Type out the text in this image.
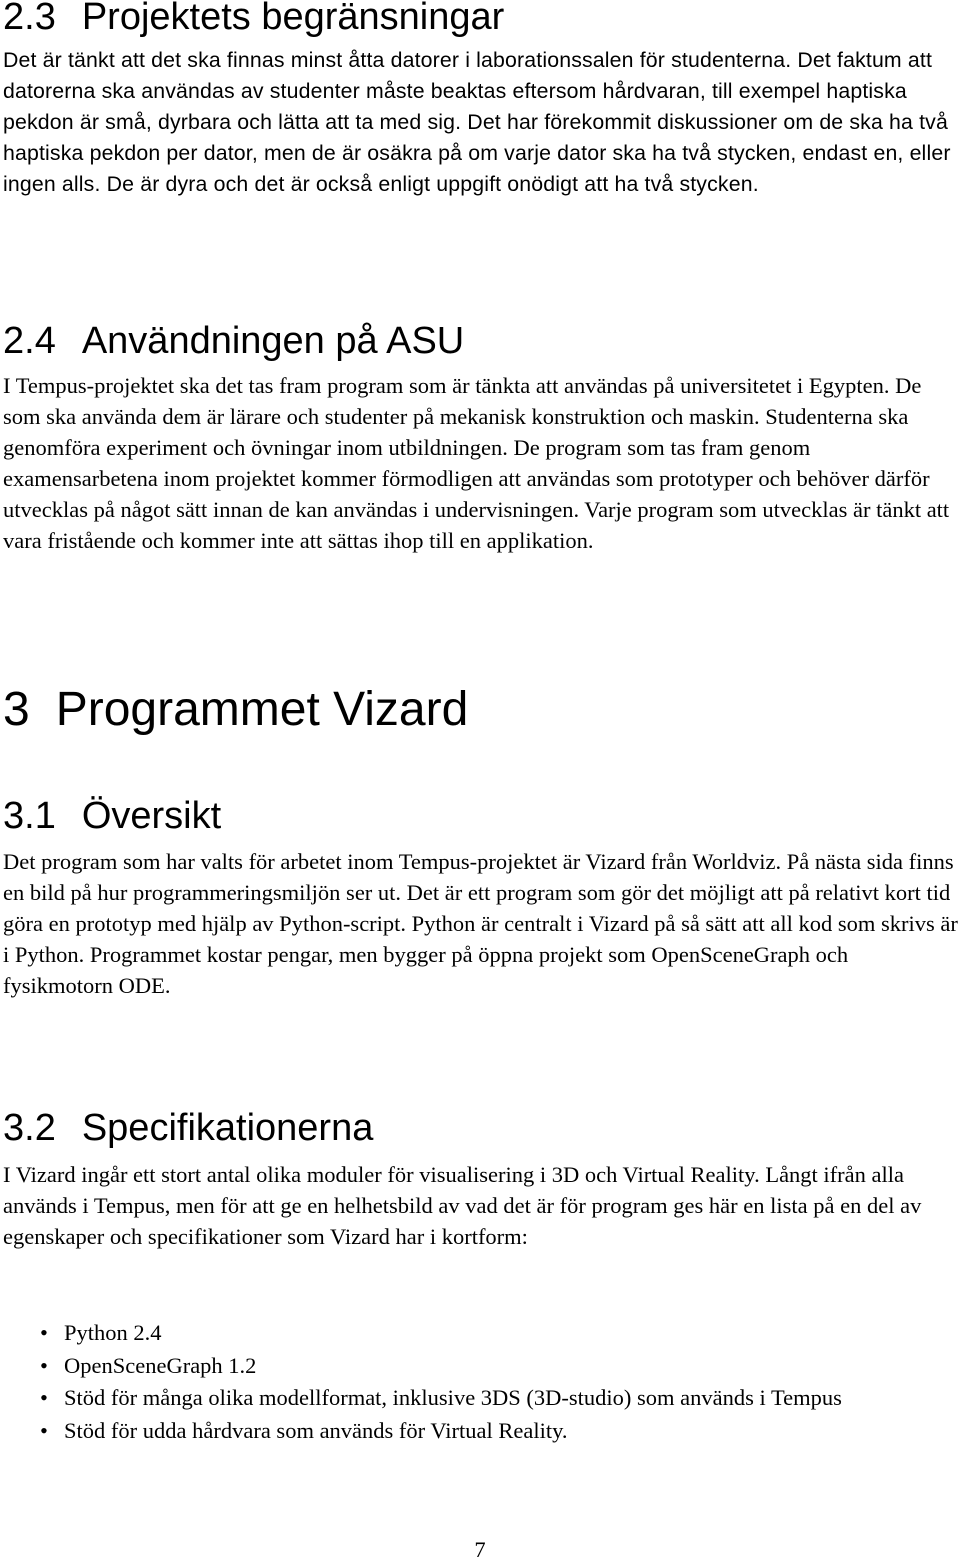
2.3 Projektets begränsningar

Det är tänkt att det ska finnas minst åtta datorer i laborationssalen för studenterna. Det faktum att datorerna ska användas av studenter måste beaktas eftersom hårdvaran, till exempel haptiska pekdon är små, dyrbara och lätta att ta med sig. Det har förekommit diskussioner om de ska ha två haptiska pekdon per dator, men de är osäkra på om varje dator ska ha två stycken, endast en, eller ingen alls. De är dyra och det är också enligt uppgift onödigt att ha två stycken.

2.4 Användningen på ASU

I Tempus-projektet ska det tas fram program som är tänkta att användas på universitetet i Egypten. De som ska använda dem är lärare och studenter på mekanisk konstruktion och maskin. Studenterna ska genomföra experiment och övningar inom utbildningen. De program som tas fram genom examensarbetena inom projektet kommer förmodligen att användas som prototyper och behöver därför utvecklas på något sätt innan de kan användas i undervisningen. Varje program som utvecklas är tänkt att vara fristående och kommer inte att sättas ihop till en applikation.

3 Programmet Vizard
3.1 Översikt

Det program som har valts för arbetet inom Tempus-projektet är Vizard från Worldviz. På nästa sida finns en bild på hur programmeringsmiljön ser ut. Det är ett program som gör det möjligt att på relativt kort tid göra en prototyp med hjälp av Python-script. Python är centralt i Vizard på så sätt att all kod som skrivs är i Python. Programmet kostar pengar, men bygger på öppna projekt som OpenSceneGraph och fysikmotorn ODE.

3.2 Specifikationerna

I Vizard ingår ett stort antal olika moduler för visualisering i 3D och Virtual Reality. Långt ifrån alla används i Tempus, men för att ge en helhetsbild av vad det är för program ges här en lista på en del av egenskaper och specifikationer som Vizard har i kortform:

• Python 2.4
• OpenSceneGraph 1.2
• Stöd för många olika modellformat, inklusive 3DS (3D-studio) som används i Tempus
• Stöd för udda hårdvara som används för Virtual Reality.
7
